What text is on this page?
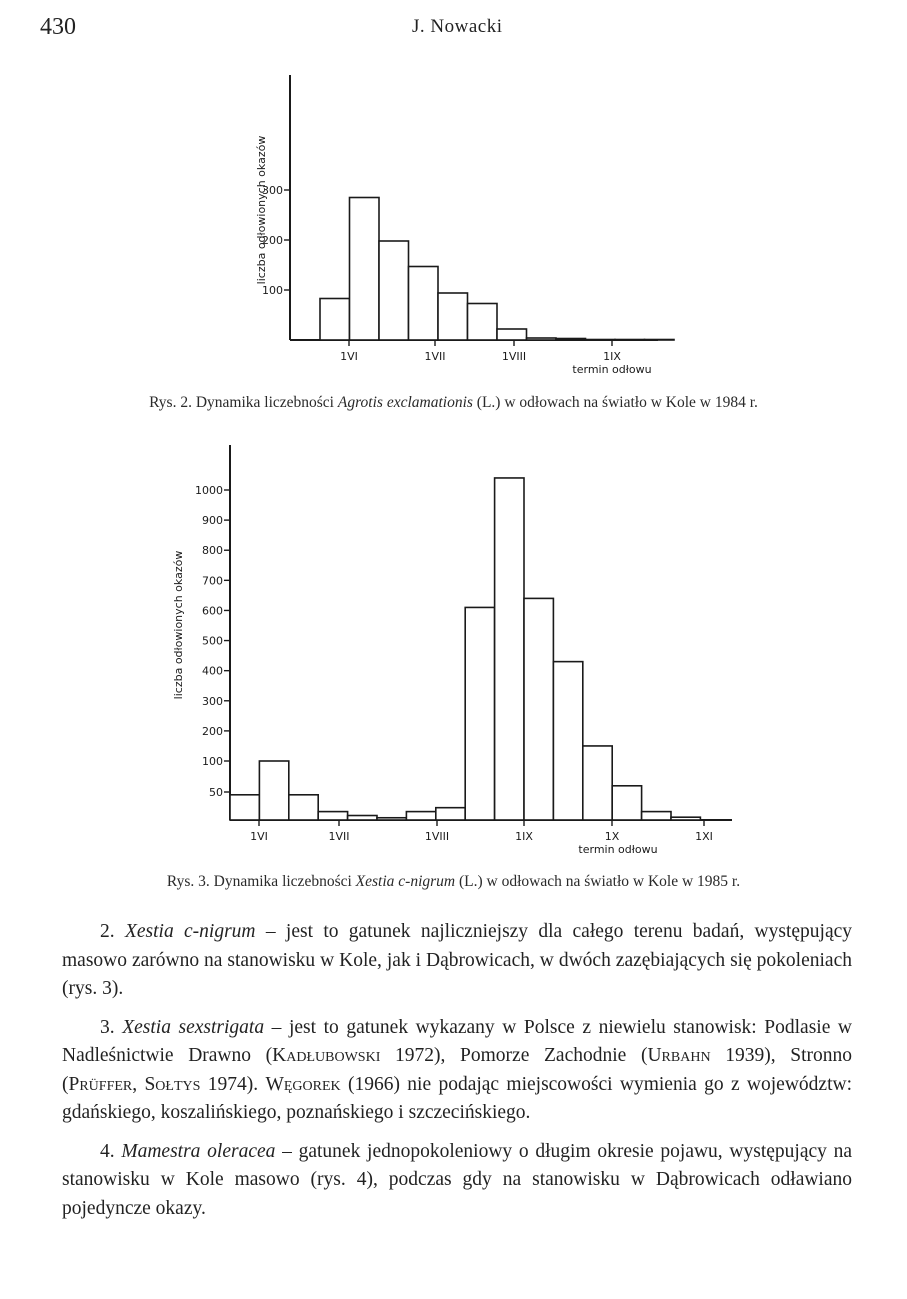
430	J. Nowacki
100
200
300
1VI	1VII	1VIII	1IX
termin odłowu
liczba odłowionych okazów
Rys. 2. Dynamika liczebności Agrotis exclamationis (L.) w odłowach na światło w Kole w 1984 r.
50
100
200
300
400
500
600
700
800
900
1000
1VI	1VII	1VIII	1IX	1X	1XI
termin odłowu
liczba odłowionych okazów
Rys. 3. Dynamika liczebności Xestia c-nigrum (L.) w odłowach na światło w Kole w 1985 r.

2. Xestia c-nigrum – jest to gatunek najliczniejszy dla całego terenu badań, występujący masowo zarówno na stanowisku w Kole, jak i Dąbrowicach, w dwóch zazębiających się pokoleniach (rys. 3).

3. Xestia sexstrigata – jest to gatunek wykazany w Polsce z niewielu stanowisk: Podlasie w Nadleśnictwie Drawno (Kadłubowski 1972), Pomorze Zachodnie (Urbahn 1939), Stronno (Prüffer, Sołtys 1974). Węgorek (1966) nie podając miejscowości wymienia go z województw: gdańskiego, koszalińskiego, poznańskiego i szczecińskiego.

4. Mamestra oleracea – gatunek jednopokoleniowy o długim okresie pojawu, występujący na stanowisku w Kole masowo (rys. 4), podczas gdy na stanowisku w Dąbrowicach odławiano pojedyncze okazy.
